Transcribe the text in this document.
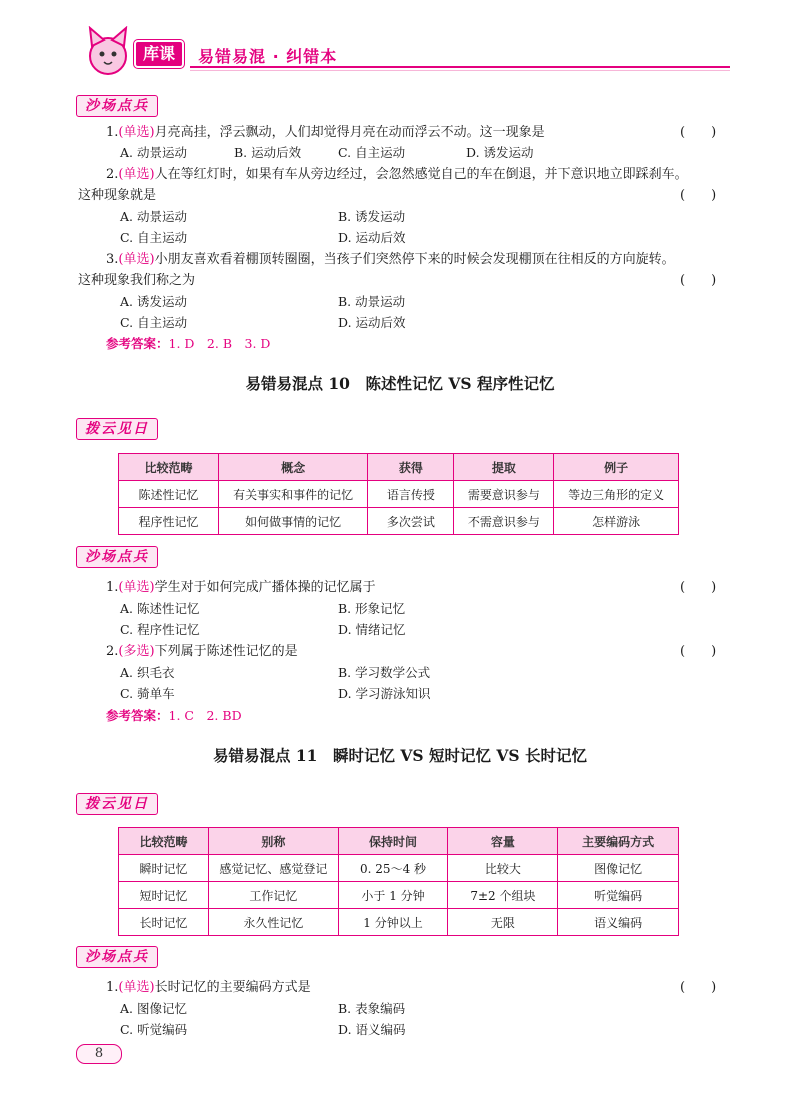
库课	易错易混 · 纠错本
沙场点兵
1.(单选)月亮高挂，浮云飘动，人们却觉得月亮在动而浮云不动。这一现象是	(　　)
A. 动景运动	B. 运动后效	C. 自主运动	D. 诱发运动
2.(单选)人在等红灯时，如果有车从旁边经过，会忽然感觉自己的车在倒退，并下意识地立即踩刹车。
这种现象就是	(　　)
A. 动景运动	B. 诱发运动
C. 自主运动	D. 运动后效
3.(单选)小朋友喜欢看着棚顶转圈圈，当孩子们突然停下来的时候会发现棚顶在往相反的方向旋转。
这种现象我们称之为	(　　)
A. 诱发运动	B. 动景运动
C. 自主运动	D. 运动后效
参考答案：1. D　2. B　3. D
易错易混点 10　陈述性记忆 VS 程序性记忆
拨云见日
比较范畴	概念	获得	提取	例子
陈述性记忆	有关事实和事件的记忆	语言传授	需要意识参与	等边三角形的定义
程序性记忆	如何做事情的记忆	多次尝试	不需意识参与	怎样游泳
沙场点兵
1.(单选)学生对于如何完成广播体操的记忆属于	(　　)
A. 陈述性记忆	B. 形象记忆
C. 程序性记忆	D. 情绪记忆
2.(多选)下列属于陈述性记忆的是	(　　)
A. 织毛衣	B. 学习数学公式
C. 骑单车	D. 学习游泳知识
参考答案：1. C　2. BD
易错易混点 11　瞬时记忆 VS 短时记忆 VS 长时记忆
拨云见日
比较范畴	别称	保持时间	容量	主要编码方式
瞬时记忆	感觉记忆、感觉登记	0. 25～4 秒	比较大	图像记忆
短时记忆	工作记忆	小于 1 分钟	7±2 个组块	听觉编码
长时记忆	永久性记忆	1 分钟以上	无限	语义编码
沙场点兵
1.(单选)长时记忆的主要编码方式是	(　　)
A. 图像记忆	B. 表象编码
C. 听觉编码	D. 语义编码
8
